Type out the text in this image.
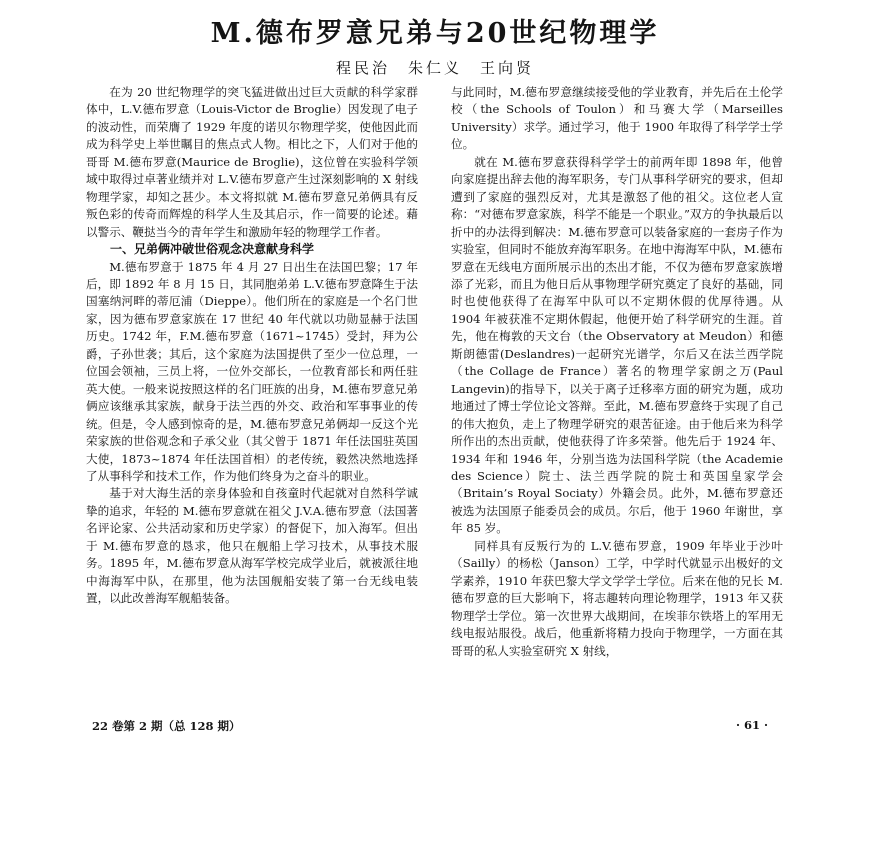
M.德布罗意兄弟与20世纪物理学
程民治　朱仁义　王向贤

在为 20 世纪物理学的突飞猛进做出过巨大贡献的科学家群体中，L.V.德布罗意（Louis-Victor de Broglie）因发现了电子的波动性，而荣膺了 1929 年度的诺贝尔物理学奖，使他因此而成为科学史上举世瞩目的焦点式人物。相比之下，人们对于他的哥哥 M.德布罗意(Maurice de Broglie)，这位曾在实验科学领域中取得过卓著业绩并对 L.V.德布罗意产生过深刻影响的 X 射线物理学家，却知之甚少。本文将拟就 M.德布罗意兄弟俩具有反叛色彩的传奇而辉煌的科学人生及其启示，作一简要的论述。藉以警示、鞭挞当今的青年学生和激励年轻的物理学工作者。

一、兄弟俩冲破世俗观念决意献身科学

M.德布罗意于 1875 年 4 月 27 日出生在法国巴黎；17 年后，即 1892 年 8 月 15 日，其同胞弟弟 L.V.德布罗意降生于法国塞纳河畔的蒂厄浦（Dieppe）。他们所在的家庭是一个名门世家，因为德布罗意家族在 17 世纪 40 年代就以功勋显赫于法国历史。1742 年，F.M.德布罗意（1671~1745）受封，拜为公爵，子孙世袭；其后，这个家庭为法国提供了至少一位总理，一位国会领袖，三员上将，一位外交部长，一位教育部长和两任驻英大使。一般来说按照这样的名门旺族的出身，M.德布罗意兄弟俩应该继承其家族，献身于法兰西的外交、政治和军事事业的传统。但是，令人感到惊奇的是，M.德布罗意兄弟俩却一反这个光荣家族的世俗观念和子承父业（其父曾于 1871 年任法国驻英国大使，1873~1874 年任法国首相）的老传统，毅然决然地选择了从事科学和技术工作，作为他们终身为之奋斗的职业。

基于对大海生活的亲身体验和自孩童时代起就对自然科学诚挚的追求，年轻的 M.德布罗意就在祖父 J.V.A.德布罗意（法国著名评论家、公共活动家和历史学家）的督促下，加入海军。但出于 M.德布罗意的恳求，他只在舰船上学习技术，从事技术服务。1895 年，M.德布罗意从海军学校完成学业后，就被派往地中海海军中队，在那里，他为法国舰船安装了第一台无线电装置，以此改善海军舰船装备。

与此同时，M.德布罗意继续接受他的学业教育，并先后在土伦学校（the Schools of Toulon）和马赛大学（Marseilles University）求学。通过学习，他于 1900 年取得了科学学士学位。

就在 M.德布罗意获得科学学士的前两年即 1898 年，他曾向家庭提出辞去他的海军职务，专门从事科学研究的要求，但却遭到了家庭的强烈反对，尤其是激怒了他的祖父。这位老人宣称：“对德布罗意家族，科学不能是一个职业。”双方的争执最后以折中的办法得到解决：M.德布罗意可以装备家庭的一套房子作为实验室，但同时不能放弃海军职务。在地中海海军中队，M.德布罗意在无线电方面所展示出的杰出才能，不仅为德布罗意家族增添了光彩，而且为他日后从事物理学研究奠定了良好的基础，同时也使他获得了在海军中队可以不定期休假的优厚待遇。从 1904 年被获准不定期休假起，他便开始了科学研究的生涯。首先，他在梅敦的天文台（the Observatory at Meudon）和德斯朗德雷(Deslandres)一起研究光谱学，尔后又在法兰西学院（the Collage de France）著名的物理学家朗之万(Paul Langevin)的指导下，以关于离子迁移率方面的研究为题，成功地通过了博士学位论文答辩。至此，M.德布罗意终于实现了自己的伟大抱负，走上了物理学研究的艰苦征途。由于他后来为科学所作出的杰出贡献，使他获得了许多荣誉。他先后于 1924 年、1934 年和 1946 年，分别当选为法国科学院（the Academie des Science）院士、法兰西学院的院士和英国皇家学会（Britain’s Royal Sociaty）外籍会员。此外，M.德布罗意还被选为法国原子能委员会的成员。尔后，他于 1960 年谢世，享年 85 岁。

同样具有反叛行为的 L.V.德布罗意，1909 年毕业于沙叶（Sailly）的杨松（Janson）工学，中学时代就显示出极好的文学素养，1910 年获巴黎大学文学学士学位。后来在他的兄长 M.德布罗意的巨大影响下，将志趣转向理论物理学，1913 年又获物理学士学位。第一次世界大战期间，在埃菲尔铁塔上的军用无线电报站服役。战后，他重新将精力投向于物理学，一方面在其哥哥的私人实验室研究 X 射线，

22 卷第 2 期（总 128 期）	· 61 ·
